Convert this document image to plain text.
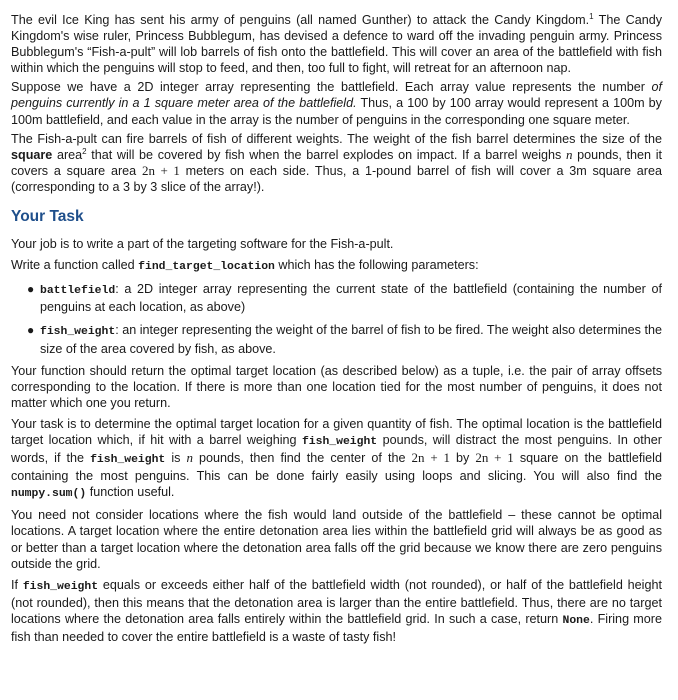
The evil Ice King has sent his army of penguins (all named Gunther) to attack the Candy Kingdom.$^1$ The Candy Kingdom's wise ruler, Princess Bubblegum, has devised a defence to ward off the invading penguin army. Princess Bubblegum's “Fish-a-pult” will lob barrels of fish onto the battlefield. This will cover an area of the battlefield with fish within which the penguins will stop to feed, and then, too full to fight, will retreat for an afternoon nap.

Suppose we have a 2D integer array representing the battlefield. Each array value represents the number of penguins currently in a 1 square meter area of the battlefield. Thus, a 100 by 100 array would represent a 100m by 100m battlefield, and each value in the array is the number of penguins in the corresponding one square meter.

The Fish-a-pult can fire barrels of fish of different weights. The weight of the fish barrel determines the size of the square area$^2$ that will be covered by fish when the barrel explodes on impact. If a barrel weighs n pounds, then it covers a square area 2n + 1 meters on each side. Thus, a 1-pound barrel of fish will cover a 3m square area (corresponding to a 3 by 3 slice of the array!).

Your Task

Your job is to write a part of the targeting software for the Fish-a-pult.

Write a function called find_target_location which has the following parameters:

● battlefield: a 2D integer array representing the current state of the battlefield (containing the number of penguins at each location, as above)
● fish_weight: an integer representing the weight of the barrel of fish to be fired. The weight also determines the size of the area covered by fish, as above.

Your function should return the optimal target location (as described below) as a tuple, i.e. the pair of array offsets corresponding to the location. If there is more than one location tied for the most number of penguins, it does not matter which one you return.

Your task is to determine the optimal target location for a given quantity of fish. The optimal location is the battlefield target location which, if hit with a barrel weighing fish_weight pounds, will distract the most penguins. In other words, if the fish_weight is n pounds, then find the center of the 2n + 1 by 2n + 1 square on the battlefield containing the most penguins. This can be done fairly easily using loops and slicing. You will also find the numpy.sum() function useful.

You need not consider locations where the fish would land outside of the battlefield – these cannot be optimal locations. A target location where the entire detonation area lies within the battlefield grid will always be as good as or better than a target location where the detonation area falls off the grid because we know there are zero penguins outside the grid.

If fish_weight equals or exceeds either half of the battlefield width (not rounded), or half of the battlefield height (not rounded), then this means that the detonation area is larger than the entire battlefield. Thus, there are no target locations where the detonation area falls entirely within the battlefield grid. In such a case, return None. Firing more fish than needed to cover the entire battlefield is a waste of tasty fish!
